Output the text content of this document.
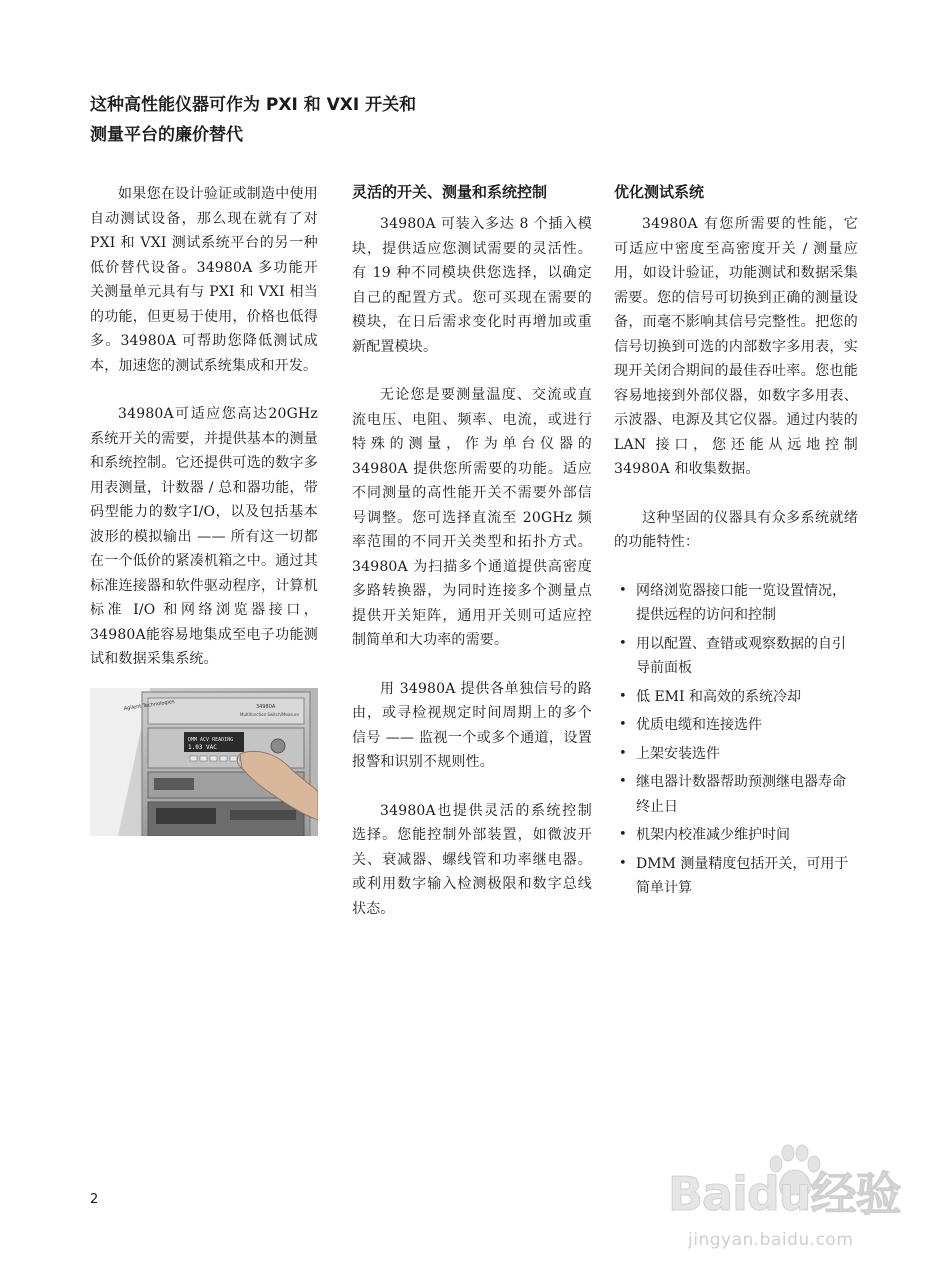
这种高性能仪器可作为 PXI 和 VXI 开关和
测量平台的廉价替代

如果您在设计验证或制造中使用自动测试设备，那么现在就有了对 PXI 和 VXI 测试系统平台的另一种低价替代设备。34980A 多功能开关测量单元具有与 PXI 和 VXI 相当的功能，但更易于使用，价格也低得多。34980A 可帮助您降低测试成本，加速您的测试系统集成和开发。

34980A可适应您高达20GHz系统开关的需要，并提供基本的测量和系统控制。它还提供可选的数字多用表测量，计数器 / 总和器功能，带码型能力的数字I/O，以及包括基本波形的模拟输出 —— 所有这一切都在一个低价的紧凑机箱之中。通过其标准连接器和软件驱动程序，计算机标准 I/O 和网络浏览器接口，34980A能容易地集成至电子功能测试和数据采集系统。

Agilent Technologies	34980A
Multifunction Switch/Measure
DMM ACV READING
1.03 VAC
灵活的开关、测量和系统控制

34980A 可装入多达 8 个插入模块，提供适应您测试需要的灵活性。有 19 种不同模块供您选择，以确定自己的配置方式。您可买现在需要的模块，在日后需求变化时再增加或重新配置模块。

无论您是要测量温度、交流或直流电压、电阻、频率、电流，或进行特殊的测量，作为单台仪器的 34980A 提供您所需要的功能。适应不同测量的高性能开关不需要外部信号调整。您可选择直流至 20GHz 频率范围的不同开关类型和拓扑方式。34980A 为扫描多个通道提供高密度多路转换器，为同时连接多个测量点提供开关矩阵，通用开关则可适应控制简单和大功率的需要。

用 34980A 提供各单独信号的路由，或寻检视规定时间周期上的多个信号 —— 监视一个或多个通道，设置报警和识别不规则性。

34980A也提供灵活的系统控制选择。您能控制外部装置，如微波开关、衰减器、螺线管和功率继电器。或利用数字输入检测极限和数字总线状态。

优化测试系统

34980A 有您所需要的性能，它可适应中密度至高密度开关 / 测量应用，如设计验证，功能测试和数据采集需要。您的信号可切换到正确的测量设备，而毫不影响其信号完整性。把您的信号切换到可选的内部数字多用表，实现开关闭合期间的最佳吞吐率。您也能容易地接到外部仪器，如数字多用表、示波器、电源及其它仪器。通过内装的 LAN 接口，您还能从远地控制 34980A 和收集数据。

这种坚固的仪器具有众多系统就绪的功能特性：

• 网络浏览器接口能一览设置情况，提供远程的访问和控制
• 用以配置、查错或观察数据的自引导前面板
• 低 EMI 和高效的系统冷却
• 优质电缆和连接选件
• 上架安装选件
• 继电器计数器帮助预测继电器寿命终止日
• 机架内校准减少维护时间
• DMM 测量精度包括开关，可用于简单计算
2	Baidu经验
jingyan.baidu.com
